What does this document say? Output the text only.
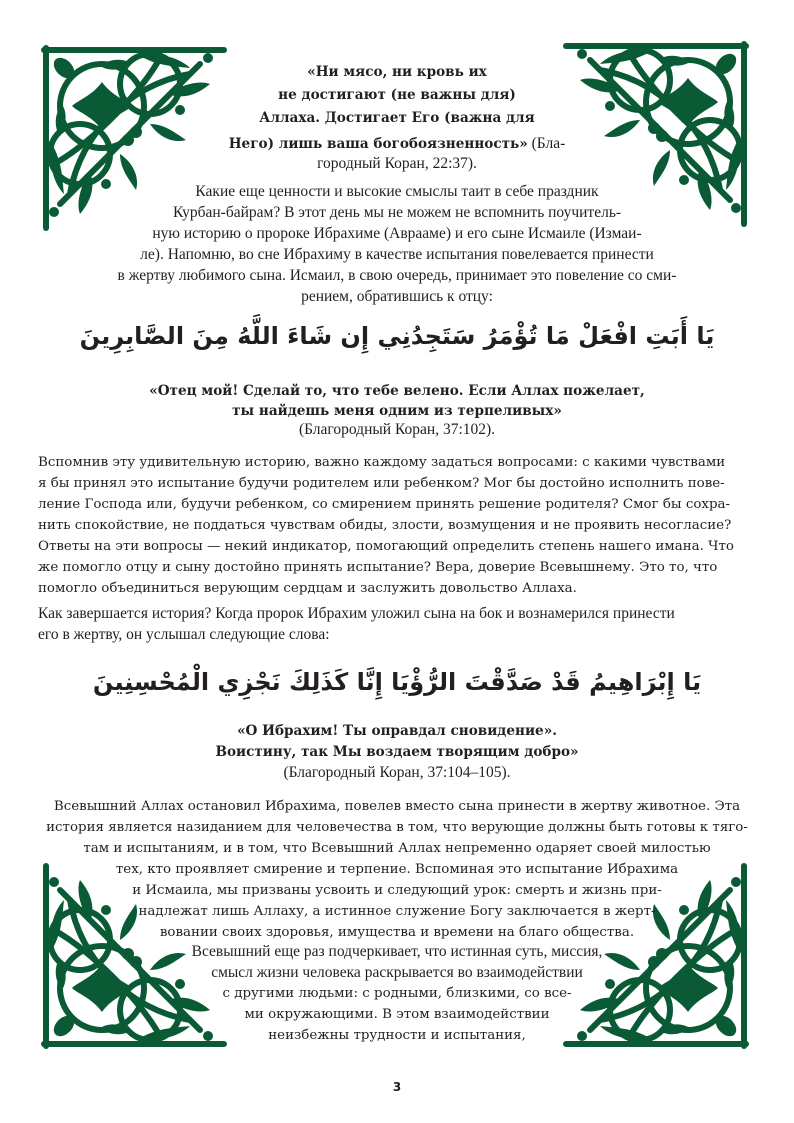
«Ни мясо, ни кровь их
не достигают (не важны для)
Аллаха. Достигает Его (важна для
Него) лишь ваша богобоязненность» (Бла-
городный Коран, 22:37).
Какие еще ценности и высокие смыслы таит в себе праздник
Курбан-байрам? В этот день мы не можем не вспомнить поучитель-
ную историю о пророке Ибрахиме (Аврааме) и его сыне Исмаиле (Измаи-
ле). Напомню, во сне Ибрахиму в качестве испытания повелевается принести
в жертву любимого сына. Исмаил, в свою очередь, принимает это повеление со сми-
рением, обратившись к отцу:
يَا أَبَتِ افْعَلْ مَا تُؤْمَرُ سَتَجِدُنِي إِن شَاءَ اللَّهُ مِنَ الصَّابِرِينَ
«Отец мой! Сделай то, что тебе велено. Если Аллах пожелает,
ты найдешь меня одним из терпеливых»
(Благородный Коран, 37:102).
Вспомнив эту удивительную историю, важно каждому задаться вопросами: с какими чувствами
я бы принял это испытание будучи родителем или ребенком? Мог бы достойно исполнить пове-
ление Господа или, будучи ребенком, со смирением принять решение родителя? Смог бы сохра-
нить спокойствие, не поддаться чувствам обиды, злости, возмущения и не проявить несогласие?
Ответы на эти вопросы — некий индикатор, помогающий определить степень нашего имана. Что
же помогло отцу и сыну достойно принять испытание? Вера, доверие Всевышнему. Это то, что
помогло объединиться верующим сердцам и заслужить довольство Аллаха.
Как завершается история? Когда пророк Ибрахим уложил сына на бок и вознамерился принести
его в жертву, он услышал следующие слова:
يَا إِبْرَاهِيمُ قَدْ صَدَّقْتَ الرُّؤْيَا إِنَّا كَذَلِكَ نَجْزِي الْمُحْسِنِينَ
«О Ибрахим! Ты оправдал сновидение».
Воистину, так Мы воздаем творящим добро»
(Благородный Коран, 37:104–105).
Всевышний Аллах остановил Ибрахима, повелев вместо сына принести в жертву животное. Эта
история является назиданием для человечества в том, что верующие должны быть готовы к тяго-
там и испытаниям, и в том, что Всевышний Аллах непременно одаряет своей милостью
тех, кто проявляет смирение и терпение. Вспоминая это испытание Ибрахима
и Исмаила, мы призваны усвоить и следующий урок: смерть и жизнь при-
надлежат лишь Аллаху, а истинное служение Богу заключается в жерт-
вовании своих здоровья, имущества и времени на благо общества.
Всевышний еще раз подчеркивает, что истинная суть, миссия,
смысл жизни человека раскрывается во взаимодействии
с другими людьми: с родными, близкими, со все-
ми окружающими. В этом взаимодействии
неизбежны трудности и испытания,
3
